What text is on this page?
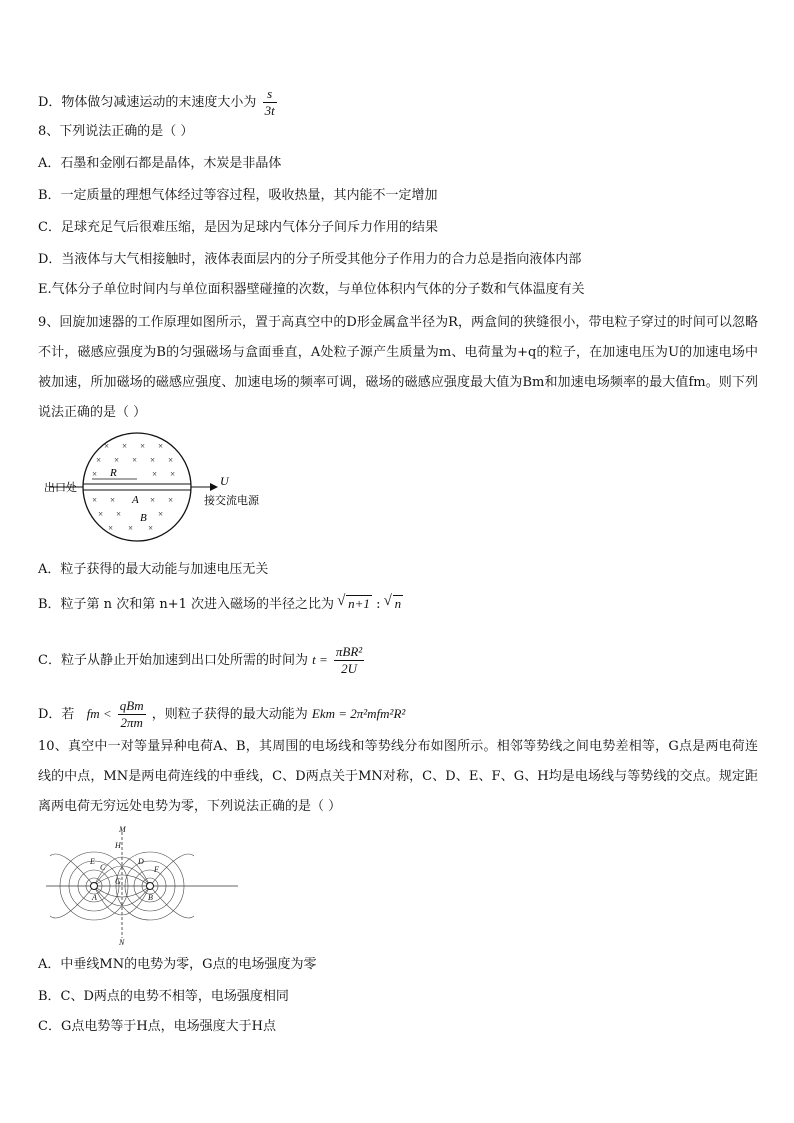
D．物体做匀减速运动的末速度大小为 $\frac{s}{3t}$
8、下列说法正确的是（ ）
A．石墨和金刚石都是晶体，木炭是非晶体
B．一定质量的理想气体经过等容过程，吸收热量，其内能不一定增加
C．足球充足气后很难压缩，是因为足球内气体分子间斥力作用的结果
D．当液体与大气相接触时，液体表面层内的分子所受其他分子作用力的合力总是指向液体内部
E.气体分子单位时间内与单位面积器壁碰撞的次数，与单位体积内气体的分子数和气体温度有关
9、回旋加速器的工作原理如图所示，置于高真空中的D形金属盒半径为R，两盒间的狭缝很小，带电粒子穿过的时间可以忽略不计，磁感应强度为B的匀强磁场与盒面垂直，A处粒子源产生质量为m、电荷量为+q的粒子，在加速电压为U的加速电场中被加速，所加磁场的磁感应强度、加速电场的频率可调，磁场的磁感应强度最大值为Bm和加速电场频率的最大值fm。则下列说法正确的是（ ）
U
出口处
接交流电源
R
A
B
× × × ×
× × × × ×
×	× ×
× ×	× ×
× ×	×
× × ×
A．粒子获得的最大动能与加速电压无关
B．粒子第 n 次和第 n+1 次进入磁场的半径之比为 √ n+1 : √ n
C．粒子从静止开始加速到出口处所需的时间为 $t = \frac{\text{πBR²}}{2U}$
D．若 fm < $\frac{\text{qBm}}{2\pi m}$ ，则粒子获得的最大动能为 Ekm = 2π²mfm²R²
10、真空中一对等量异种电荷A、B，其周围的电场线和等势线分布如图所示。相邻等势线之间电势差相等，G点是两电荷连线的中点，MN是两电荷连线的中垂线，C、D两点关于MN对称，C、D、E、F、G、H均是电场线与等势线的交点。规定距离两电荷无穷远处电势为零，下列说法正确的是（ ）
M
N
H
G
C
D
E
F
A	B
A．中垂线MN的电势为零，G点的电场强度为零
B．C、D两点的电势不相等，电场强度相同
C．G点电势等于H点，电场强度大于H点
